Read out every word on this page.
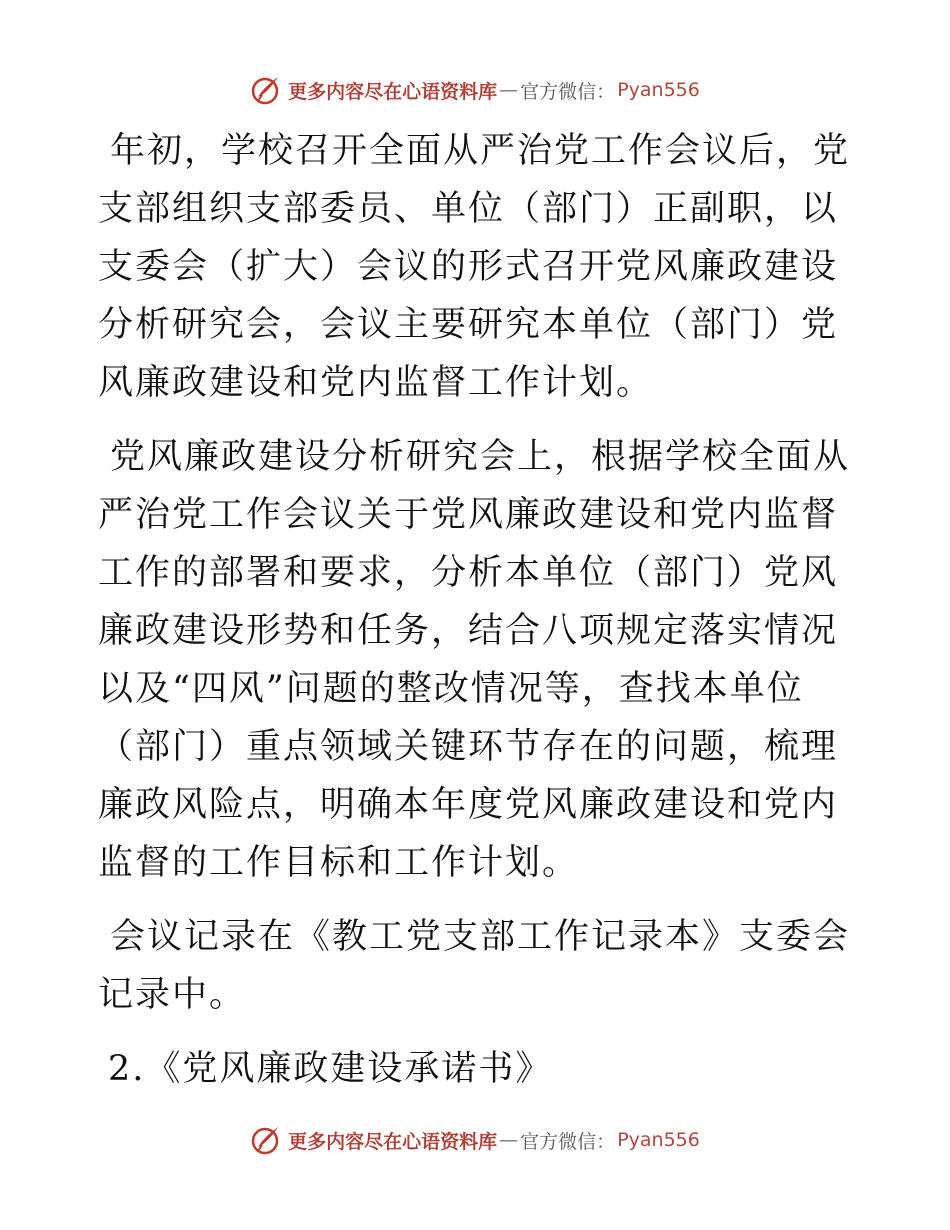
更多内容尽在心语资料库 — 官方微信： Pyan556

年初，学校召开全面从严治党工作会议后，党支部组织支部委员、单位（部门）正副职，以支委会（扩大）会议的形式召开党风廉政建设分析研究会，会议主要研究本单位（部门）党风廉政建设和党内监督工作计划。

党风廉政建设分析研究会上，根据学校全面从严治党工作会议关于党风廉政建设和党内监督工作的部署和要求，分析本单位（部门）党风廉政建设形势和任务，结合八项规定落实情况以及“四风”问题的整改情况等，查找本单位（部门）重点领域关键环节存在的问题，梳理廉政风险点，明确本年度党风廉政建设和党内监督的工作目标和工作计划。

会议记录在《教工党支部工作记录本》支委会记录中。

2.《党风廉政建设承诺书》

更多内容尽在心语资料库 — 官方微信： Pyan556
